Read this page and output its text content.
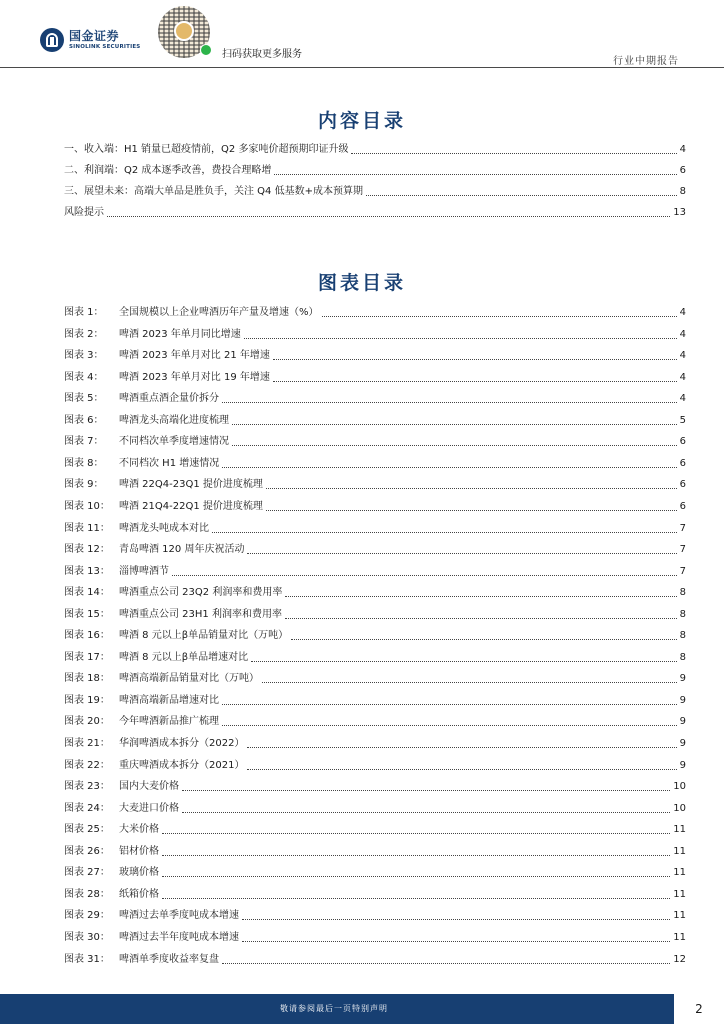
国金证券
SINOLINK SECURITIES
扫码获取更多服务
行业中期报告
内容目录
一、收入端：H1 销量已超疫情前，Q2 多家吨价超预期印证升级	4
二、利润端：Q2 成本逐季改善，费投合理略增	6
三、展望未来：高端大单品是胜负手，关注 Q4 低基数+成本预算期	8
风险提示	13
图表目录
图表 1：	全国规模以上企业啤酒历年产量及增速（%）	4
图表 2：	啤酒 2023 年单月同比增速	4
图表 3：	啤酒 2023 年单月对比 21 年增速	4
图表 4：	啤酒 2023 年单月对比 19 年增速	4
图表 5：	啤酒重点酒企量价拆分	4
图表 6：	啤酒龙头高端化进度梳理	5
图表 7：	不同档次单季度增速情况	6
图表 8：	不同档次 H1 增速情况	6
图表 9：	啤酒 22Q4-23Q1 提价进度梳理	6
图表 10： 啤酒 21Q4-22Q1 提价进度梳理	6
图表 11： 啤酒龙头吨成本对比	7
图表 12： 青岛啤酒 120 周年庆祝活动	7
图表 13： 淄博啤酒节	7
图表 14： 啤酒重点公司 23Q2 利润率和费用率	8
图表 15： 啤酒重点公司 23H1 利润率和费用率	8
图表 16： 啤酒 8 元以上β单品销量对比（万吨）	8
图表 17： 啤酒 8 元以上β单品增速对比	8
图表 18： 啤酒高端新品销量对比（万吨）	9
图表 19： 啤酒高端新品增速对比	9
图表 20： 今年啤酒新品推广梳理	9
图表 21： 华润啤酒成本拆分（2022）	9
图表 22： 重庆啤酒成本拆分（2021）	9
图表 23： 国内大麦价格	10
图表 24： 大麦进口价格	10
图表 25： 大米价格	11
图表 26： 铝材价格	11
图表 27： 玻璃价格	11
图表 28： 纸箱价格	11
图表 29： 啤酒过去单季度吨成本增速	11
图表 30： 啤酒过去半年度吨成本增速	11
图表 31： 啤酒单季度收益率复盘	12
敬请参阅最后一页特别声明	2
